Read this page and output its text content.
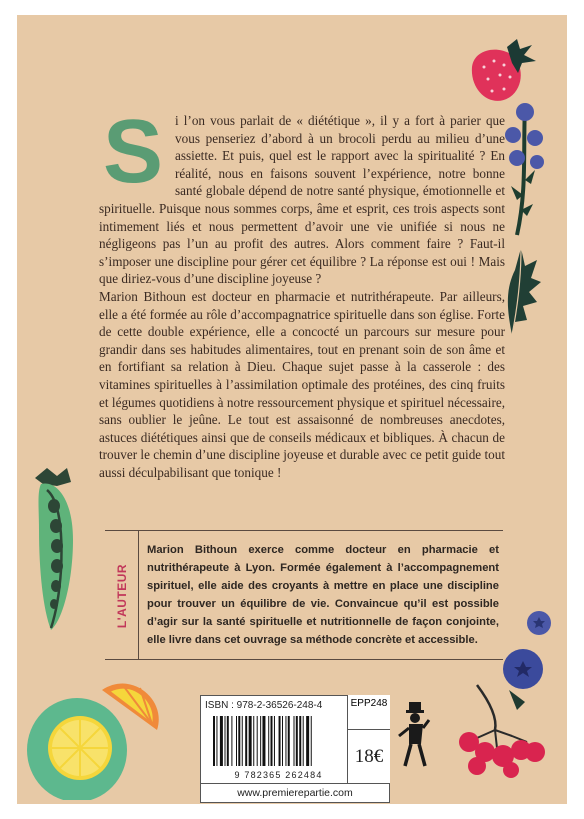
S i l’on vous parlait de « diététique », il y a fort à parier que vous penseriez d’abord à un brocoli perdu au milieu d’une assiette. Et puis, quel est le rapport avec la spiritualité ? En réalité, nous en faisons souvent l’expérience, notre bonne santé globale dépend de notre santé physique, émotionnelle et spirituelle. Puisque nous sommes corps, âme et esprit, ces trois aspects sont intimement liés et nous permettent d’avoir une vie unifiée si nous ne négligeons pas l’un au profit des autres. Alors comment faire ? Faut-il s’imposer une discipline pour gérer cet équilibre ? La réponse est oui ! Mais que diriez-vous d’une discipline joyeuse ?

Marion Bithoun est docteur en pharmacie et nutrithérapeute. Par ailleurs, elle a été formée au rôle d’accompagnatrice spirituelle dans son église. Forte de cette double expérience, elle a concocté un parcours sur mesure pour grandir dans ses habitudes alimentaires, tout en prenant soin de son âme et en fortifiant sa relation à Dieu. Chaque sujet passe à la casserole : des vitamines spirituelles à l’assimilation optimale des protéines, des cinq fruits et légumes quotidiens à notre ressourcement physique et spirituel nécessaire, sans oublier le jeûne. Le tout est assaisonné de nombreuses anecdotes, astuces diététiques ainsi que de conseils médicaux et bibliques. À chacun de trouver le chemin d’une discipline joyeuse et durable avec ce petit guide tout aussi déculpabilisant que tonique !

L'AUTEUR
Marion Bithoun exerce comme docteur en pharmacie et nutrithérapeute à Lyon. Formée également à l’accompagnement spirituel, elle aide des croyants à mettre en place une discipline pour trouver un équilibre de vie. Convaincue qu’il est possible d’agir sur la santé spirituelle et nutritionnelle de façon conjointe, elle livre dans cet ouvrage sa méthode concrète et accessible.
ISBN : 978-2-36526-248-4
9 782365 262484
EPP248
18€
www.premierepartie.com
